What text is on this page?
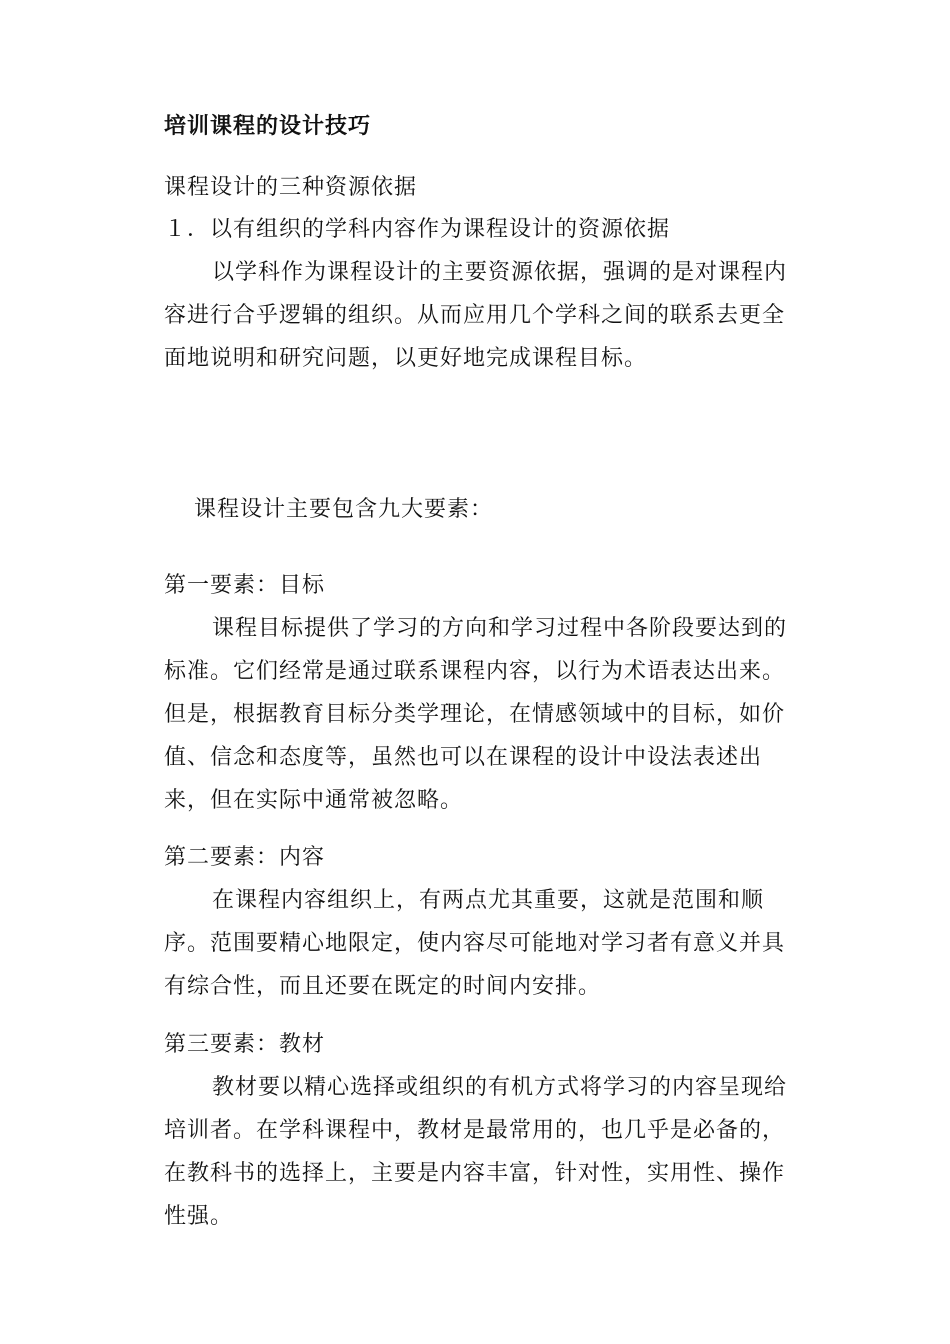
培训课程的设计技巧
课程设计的三种资源依据
１．以有组织的学科内容作为课程设计的资源依据
以学科作为课程设计的主要资源依据，强调的是对课程内容进行合乎逻辑的组织。从而应用几个学科之间的联系去更全面地说明和研究问题，以更好地完成课程目标。
课程设计主要包含九大要素：
第一要素：目标
课程目标提供了学习的方向和学习过程中各阶段要达到的标准。它们经常是通过联系课程内容，以行为术语表达出来。但是，根据教育目标分类学理论，在情感领域中的目标，如价值、信念和态度等，虽然也可以在课程的设计中设法表述出来，但在实际中通常被忽略。
第二要素：内容
在课程内容组织上，有两点尤其重要，这就是范围和顺序。范围要精心地限定，使内容尽可能地对学习者有意义并具有综合性，而且还要在既定的时间内安排。
第三要素：教材
教材要以精心选择或组织的有机方式将学习的内容呈现给培训者。在学科课程中，教材是最常用的，也几乎是必备的，在教科书的选择上，主要是内容丰富，针对性，实用性、操作性强。
